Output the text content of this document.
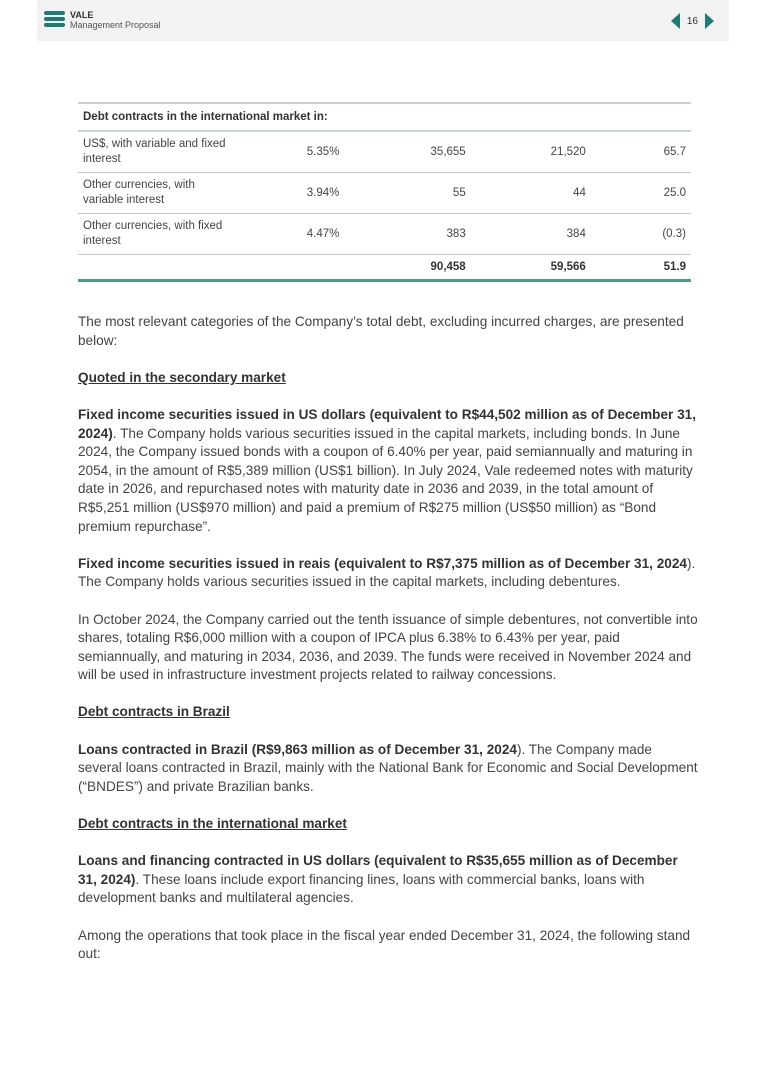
VALE
Management Proposal	16
Debt contracts in the international market in:				
US$, with variable and fixed interest	5.35%	35,655	21,520	65.7
Other currencies, with variable interest	3.94%	55	44	25.0
Other currencies, with fixed interest	4.47%	383	384	(0.3)
		90,458	59,566	51.9

The most relevant categories of the Company’s total debt, excluding incurred charges, are presented below:

Quoted in the secondary market

Fixed income securities issued in US dollars (equivalent to R$44,502 million as of December 31, 2024). The Company holds various securities issued in the capital markets, including bonds. In June 2024, the Company issued bonds with a coupon of 6.40% per year, paid semiannually and maturing in 2054, in the amount of R$5,389 million (US$1 billion). In July 2024, Vale redeemed notes with maturity date in 2026, and repurchased notes with maturity date in 2036 and 2039, in the total amount of R$5,251 million (US$970 million) and paid a premium of R$275 million (US$50 million) as “Bond premium repurchase”.

Fixed income securities issued in reais (equivalent to R$7,375 million as of December 31, 2024). The Company holds various securities issued in the capital markets, including debentures.

In October 2024, the Company carried out the tenth issuance of simple debentures, not convertible into shares, totaling R$6,000 million with a coupon of IPCA plus 6.38% to 6.43% per year, paid semiannually, and maturing in 2034, 2036, and 2039. The funds were received in November 2024 and will be used in infrastructure investment projects related to railway concessions.

Debt contracts in Brazil

Loans contracted in Brazil (R$9,863 million as of December 31, 2024). The Company made several loans contracted in Brazil, mainly with the National Bank for Economic and Social Development (“BNDES”) and private Brazilian banks.

Debt contracts in the international market

Loans and financing contracted in US dollars (equivalent to R$35,655 million as of December 31, 2024). These loans include export financing lines, loans with commercial banks, loans with development banks and multilateral agencies.

Among the operations that took place in the fiscal year ended December 31, 2024, the following stand out:
